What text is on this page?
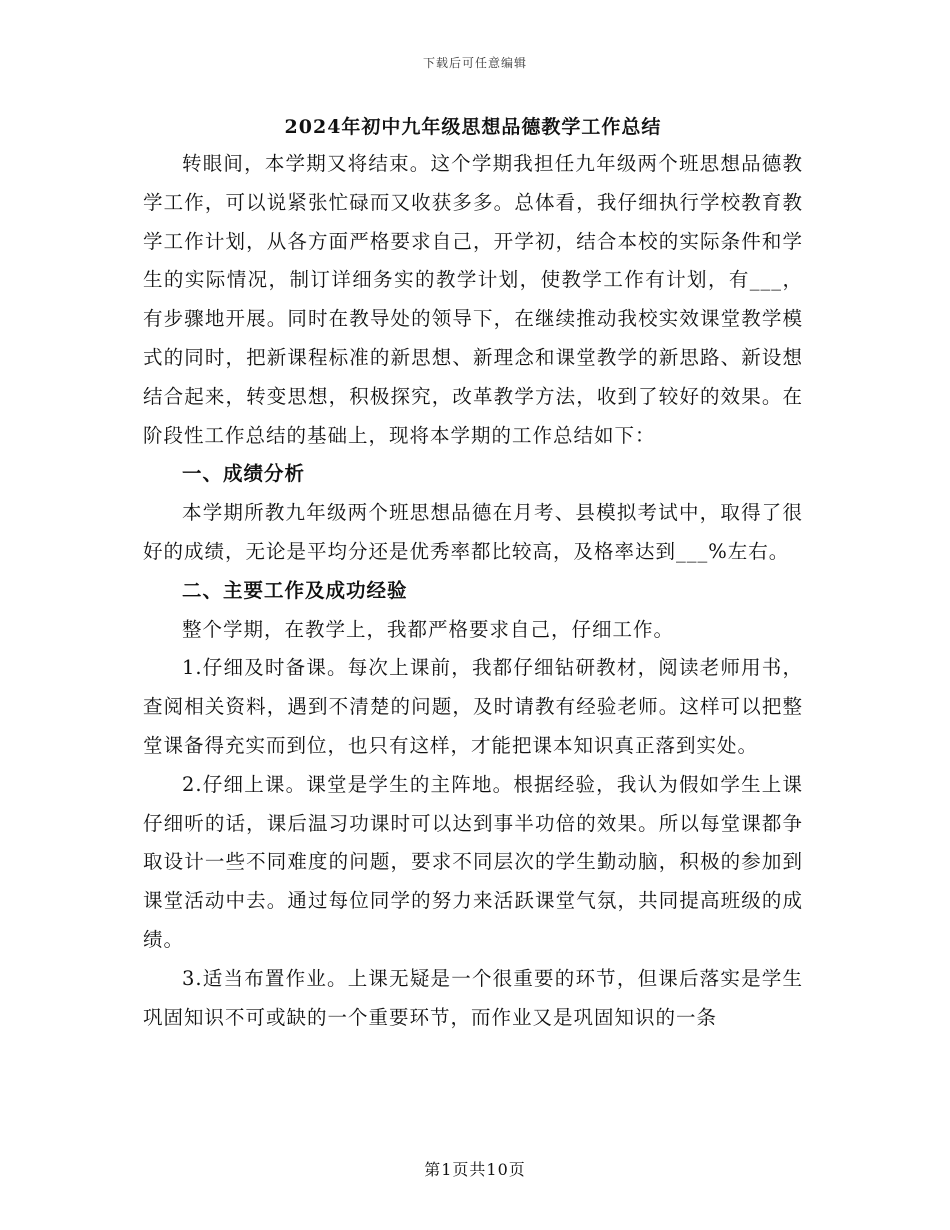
下载后可任意编辑
2024年初中九年级思想品德教学工作总结

转眼间，本学期又将结束。这个学期我担任九年级两个班思想品德教学工作，可以说紧张忙碌而又收获多多。总体看，我仔细执行学校教育教学工作计划，从各方面严格要求自己，开学初，结合本校的实际条件和学生的实际情况，制订详细务实的教学计划，使教学工作有计划，有___，有步骤地开展。同时在教导处的领导下，在继续推动我校实效课堂教学模式的同时，把新课程标准的新思想、新理念和课堂教学的新思路、新设想结合起来，转变思想，积极探究，改革教学方法，收到了较好的效果。在阶段性工作总结的基础上，现将本学期的工作总结如下：

一、成绩分析

本学期所教九年级两个班思想品德在月考、县模拟考试中，取得了很好的成绩，无论是平均分还是优秀率都比较高，及格率达到___%左右。

二、主要工作及成功经验

整个学期，在教学上，我都严格要求自己，仔细工作。

1.仔细及时备课。每次上课前，我都仔细钻研教材，阅读老师用书，查阅相关资料，遇到不清楚的问题，及时请教有经验老师。这样可以把整堂课备得充实而到位，也只有这样，才能把课本知识真正落到实处。

2.仔细上课。课堂是学生的主阵地。根据经验，我认为假如学生上课仔细听的话，课后温习功课时可以达到事半功倍的效果。所以每堂课都争取设计一些不同难度的问题，要求不同层次的学生勤动脑，积极的参加到课堂活动中去。通过每位同学的努力来活跃课堂气氛，共同提高班级的成绩。

3.适当布置作业。上课无疑是一个很重要的环节，但课后落实是学生巩固知识不可或缺的一个重要环节，而作业又是巩固知识的一条

第1页共10页
